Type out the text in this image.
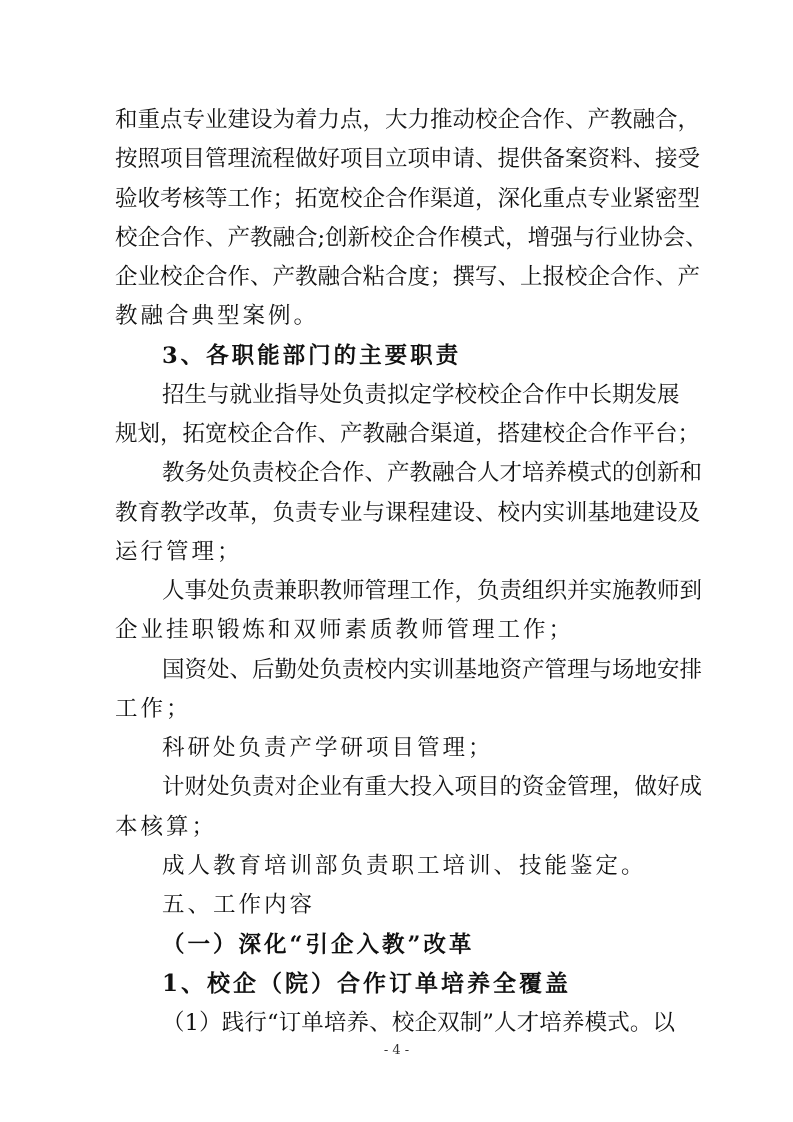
和重点专业建设为着力点，大力推动校企合作、产教融合，
按照项目管理流程做好项目立项申请、提供备案资料、接受
验收考核等工作；拓宽校企合作渠道，深化重点专业紧密型
校企合作、产教融合;创新校企合作模式，增强与行业协会、
企业校企合作、产教融合粘合度；撰写、上报校企合作、产
教融合典型案例。
3、各职能部门的主要职责
招生与就业指导处负责拟定学校校企合作中长期发展
规划，拓宽校企合作、产教融合渠道，搭建校企合作平台；
教务处负责校企合作、产教融合人才培养模式的创新和
教育教学改革，负责专业与课程建设、校内实训基地建设及
运行管理；
人事处负责兼职教师管理工作，负责组织并实施教师到
企业挂职锻炼和双师素质教师管理工作；
国资处、后勤处负责校内实训基地资产管理与场地安排
工作；
科研处负责产学研项目管理；
计财处负责对企业有重大投入项目的资金管理，做好成
本核算；
成人教育培训部负责职工培训、技能鉴定。
五、工作内容
（一）深化“引企入教”改革
1、校企（院）合作订单培养全覆盖
（1）践行“订单培养、校企双制”人才培养模式。以
- 4 -
